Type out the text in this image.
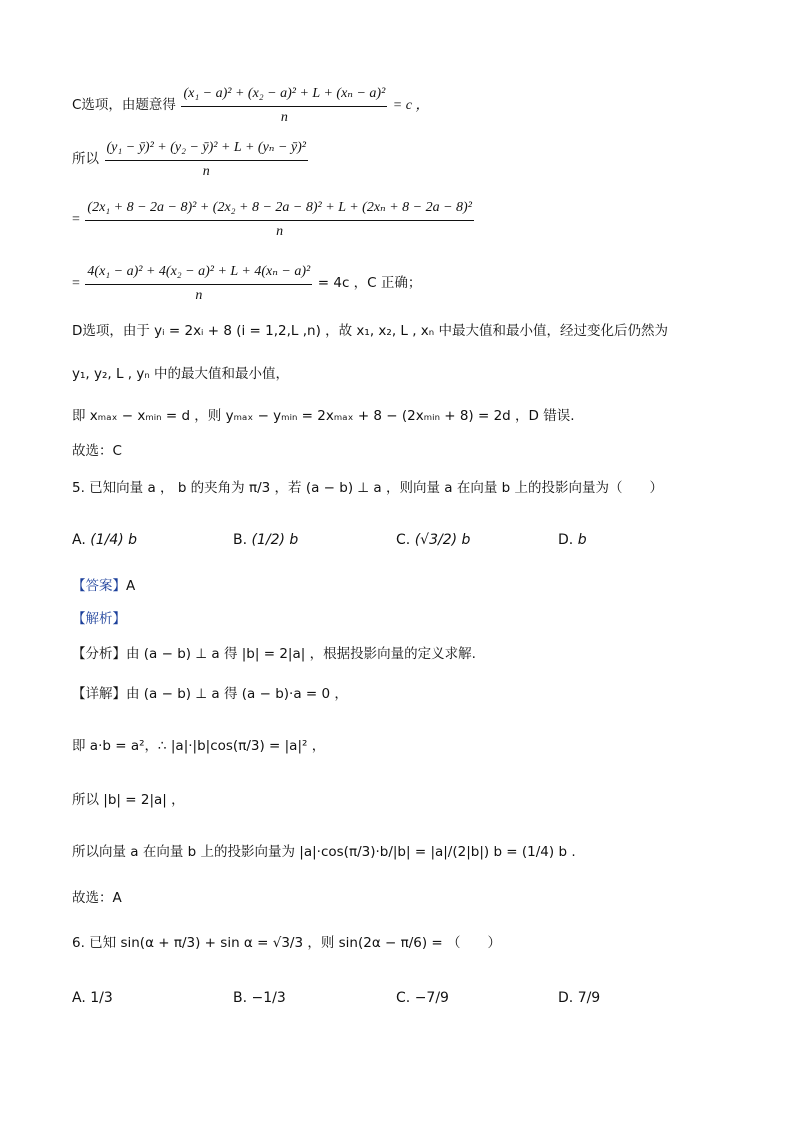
C选项，由题意得 $\frac{\text{(x₁ − a)² + (x₂ − a)² + L + (xₙ − a)²}}{n} = c$ ，
所以 $\frac{\text{(y₁ − ȳ)² + (y₂ − ȳ)² + L + (yₙ − ȳ)²}}{n}$
=
(2x₁ + 8 − 2a − 8)² + (2x₂ + 8 − 2a − 8)² + L + (2xₙ + 8 − 2a − 8)²
n
= $\frac{\text{4(x₁ − a)² + 4(x₂ − a)² + L + 4(xₙ − a)²}}{n} = 4c$ ，C 正确；
D选项，由于 yᵢ = 2xᵢ + 8 (i = 1,2,L ,n) ，故 x₁, x₂, L , xₙ 中最大值和最小值，经过变化后仍然为
y₁, y₂, L , yₙ 中的最大值和最小值，
即 xₘₐₓ − xₘᵢₙ = d ，则 yₘₐₓ − yₘᵢₙ = 2xₘₐₓ + 8 − (2xₘᵢₙ + 8) = 2d ，D 错误.
故选：C
5. 已知向量 a ， b 的夹角为 π/3 ，若 (a − b) ⊥ a ，则向量 a 在向量 b 上的投影向量为（　　）
A. (1/4) b	B. (1/2) b	C. (√3/2) b	D. b
【答案】A
【解析】
【分析】由 (a − b) ⊥ a 得 |b| = 2|a| ，根据投影向量的定义求解.
【详解】由 (a − b) ⊥ a 得 (a − b)·a = 0 ，
即 a·b = a²，∴ |a|·|b|cos(π/3) = |a|² ，
所以 |b| = 2|a| ，
所以向量 a 在向量 b 上的投影向量为 |a|·cos(π/3)·b/|b| = |a|/(2|b|) b = (1/4) b .
故选：A
6. 已知 sin(α + π/3) + sin α = √3/3 ，则 sin(2α − π/6) = （　　）
A. 1/3	B. −1/3	C. −7/9	D. 7/9
